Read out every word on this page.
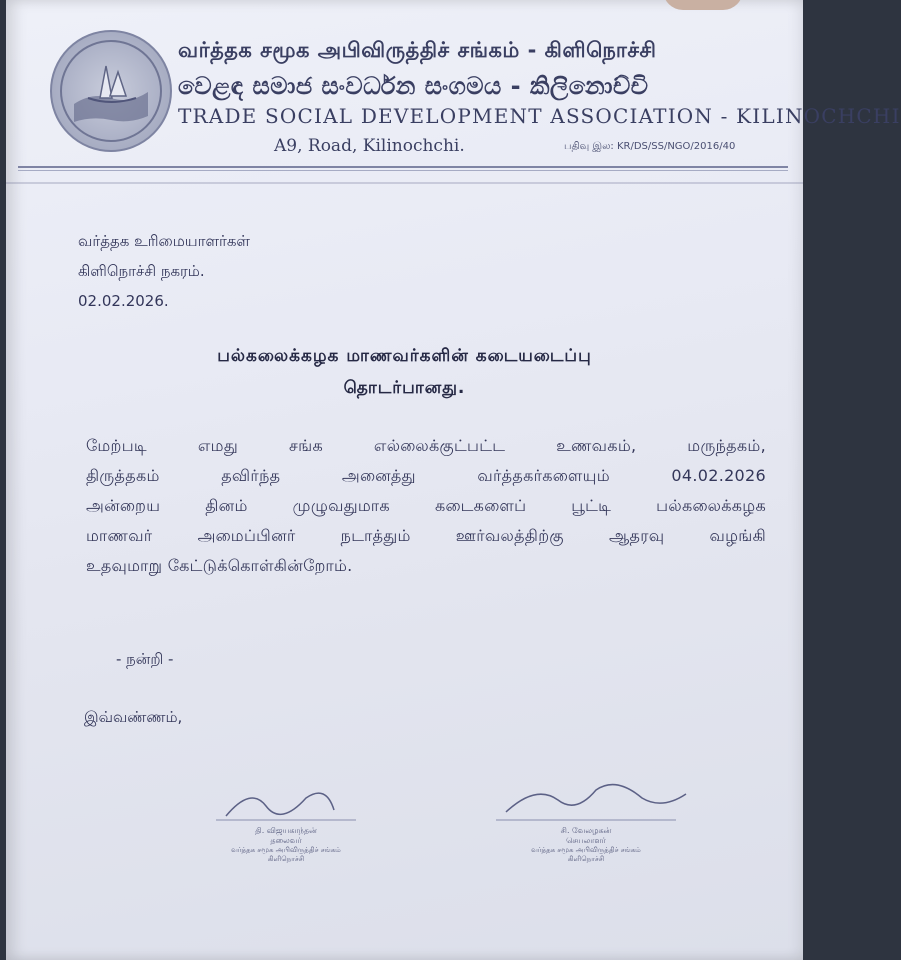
வர்த்தக சமூக அபிவிருத்திச் சங்கம் - கிளிநொச்சி
වෙළඳ සමාජ සංවර්ධන සංගමය - කිලිනොච්චි
TRADE SOCIAL DEVELOPMENT ASSOCIATION - KILINOCHCHI
A9, Road, Kilinochchi.	பதிவு இல: KR/DS/SS/NGO/2016/40
வர்த்தக உரிமையாளர்கள்
கிளிநொச்சி நகரம்.
02.02.2026.
பல்கலைக்கழக மாணவர்களின் கடையடைப்பு
தொடர்பானது.
மேற்படி எமது சங்க எல்லைக்குட்பட்ட உணவகம், மருந்தகம்,
திருத்தகம் தவிர்ந்த அனைத்து வர்த்தகர்களையும் 04.02.2026
அன்றைய தினம் முழுவதுமாக கடைகளைப் பூட்டி பல்கலைக்கழக
மாணவர் அமைப்பினர் நடாத்தும் ஊர்வலத்திற்கு ஆதரவு வழங்கி
உதவுமாறு கேட்டுக்கொள்கின்றோம்.
- நன்றி -
இவ்வண்ணம்,
தி. விஜயகாந்தன்
தலைவர்
வர்த்தக சமூக அபிவிருத்திச் சங்கம்
கிளிநொச்சி
சி. வேலழகன்
செயலாளர்
வர்த்தக சமூக அபிவிருத்திச் சங்கம்
கிளிநொச்சி
